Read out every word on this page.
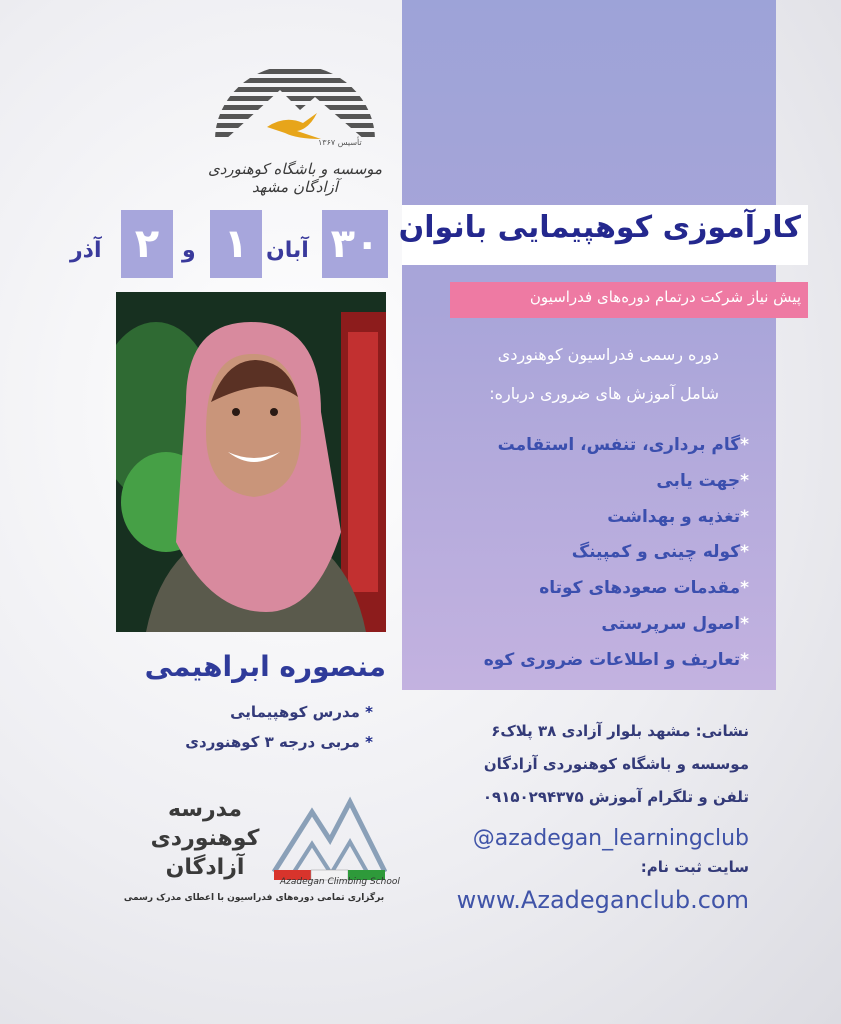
تأسیس ۱۳۶۷
موسسه و باشگاه کوهنوردی آزادگان مشهد
کارآموزی کوهپیمایی بانوان
پیش نیاز شرکت درتمام دوره‌های فدراسیون
۳۰
آبان
۱
و
۲
آذر
دوره رسمی فدراسیون کوهنوردی
شامل آموزش های ضروری درباره:
*گام برداری، تنفس، استقامت
*جهت یابی
*تغذیه و بهداشت
*کوله چینی و کمپینگ
*مقدمات صعودهای کوتاه
*اصول سرپرستی
*تعاریف و اطلاعات ضروری کوه
منصوره ابراهیمی
* مدرس کوهپیمایی
* مربی درجه ۳ کوهنوردی
مدرسه
کوهنوردی
آزادگان
Azadegan Climbing School
برگزاری تمامی دوره‌های فدراسیون با اعطای مدرک رسمی
نشانی: مشهد بلوار آزادی ۳۸ پلاک۶
موسسه و باشگاه کوهنوردی آزادگان
تلفن و تلگرام آموزش ۰۹۱۵۰۲۹۴۳۷۵
@azadegan_learningclub
سایت ثبت نام:
www.Azadeganclub.com
